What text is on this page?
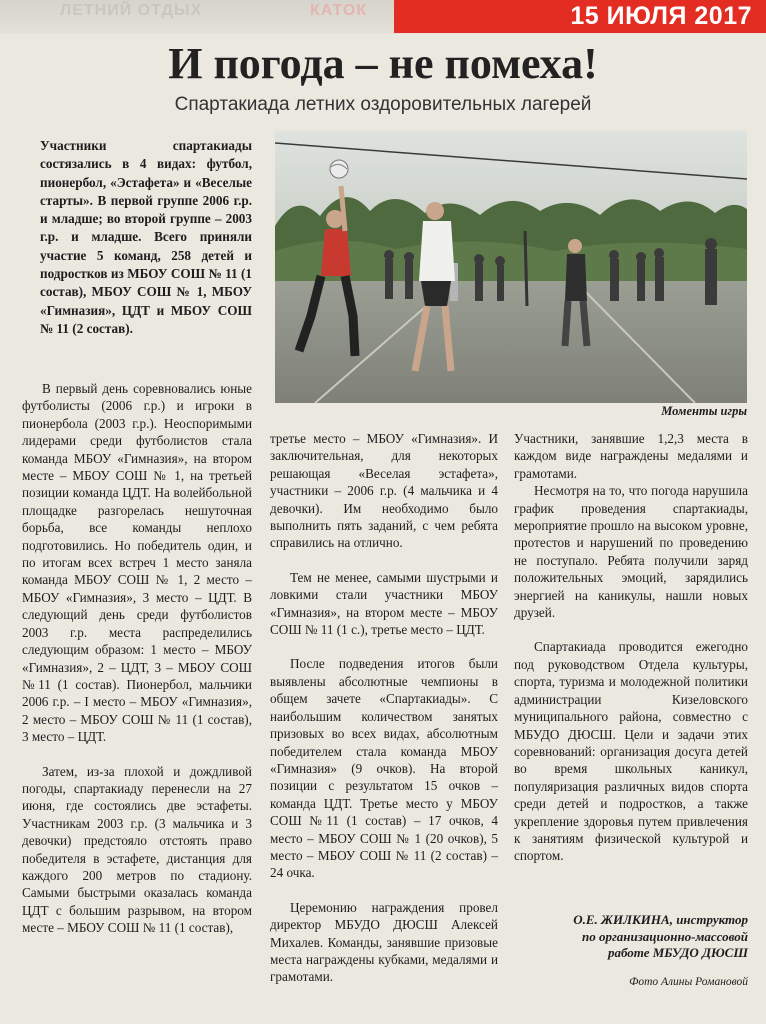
ЛЕТНИЙ ОТДЫХ	КАТОК	15 ИЮЛЯ 2017
И погода – не помеха!
Спартакиада летних оздоровительных лагерей
Участники спартакиады состязались в 4 видах: футбол, пионербол, «Эстафета» и «Веселые старты». В первой группе 2006 г.р. и младше; во второй группе – 2003 г.р. и младше. Всего приняли участие 5 команд, 258 детей и подростков из МБОУ СОШ № 11 (1 состав), МБОУ СОШ № 1, МБОУ «Гимназия», ЦДТ и МБОУ СОШ № 11 (2 состав).
Моменты игры

В первый день соревновались юные футболисты (2006 г.р.) и игроки в пионербола (2003 г.р.). Неоспоримыми лидерами среди футболистов стала команда МБОУ «Гимназия», на втором месте – МБОУ СОШ № 1, на третьей позиции команда ЦДТ. На волейбольной площадке разгорелась нешуточная борьба, все команды неплохо подготовились. Но победитель один, и по итогам всех встреч 1 место заняла команда МБОУ СОШ № 1, 2 место – МБОУ «Гимназия», 3 место – ЦДТ. В следующий день среди футболистов 2003 г.р. места распределились следующим образом: 1 место – МБОУ «Гимназия», 2 – ЦДТ, 3 – МБОУ СОШ №11 (1 состав). Пионербол, мальчики 2006 г.р. – I место – МБОУ «Гимназия», 2 место – МБОУ СОШ № 11 (1 состав), 3 место – ЦДТ.

Затем, из-за плохой и дождливой погоды, спартакиаду перенесли на 27 июня, где состоялись две эстафеты. Участникам 2003 г.р. (3 мальчика и 3 девочки) предстояло отстоять право победителя в эстафете, дистанция для каждого 200 метров по стадиону. Самыми быстрыми оказалась команда ЦДТ с большим разрывом, на втором месте – МБОУ СОШ № 11 (1 состав),

третье место – МБОУ «Гимназия». И заключительная, для некоторых решающая «Веселая эстафета», участники – 2006 г.р. (4 мальчика и 4 девочки). Им необходимо было выполнить пять заданий, с чем ребята справились на отлично.

Тем не менее, самыми шустрыми и ловкими стали участники МБОУ «Гимназия», на втором месте – МБОУ СОШ № 11 (1 с.), третье место – ЦДТ.

После подведения итогов были выявлены абсолютные чемпионы в общем зачете «Спартакиады». С наибольшим количеством занятых призовых во всех видах, абсолютным победителем стала команда МБОУ «Гимназия» (9 очков). На второй позиции с результатом 15 очков – команда ЦДТ. Третье место у МБОУ СОШ №11 (1 состав) – 17 очков, 4 место – МБОУ СОШ № 1 (20 очков), 5 место – МБОУ СОШ № 11 (2 состав) – 24 очка.

Церемонию награждения провел директор МБУДО ДЮСШ Алексей Михалев. Команды, занявшие призовые места награждены кубками, медалями и грамотами.

Участники, занявшие 1,2,3 места в каждом виде награждены медалями и грамотами.

Несмотря на то, что погода нарушила график проведения спартакиады, мероприятие прошло на высоком уровне, протестов и нарушений по проведению не поступало. Ребята получили заряд положительных эмоций, зарядились энергией на каникулы, нашли новых друзей.

Спартакиада проводится ежегодно под руководством Отдела культуры, спорта, туризма и молодежной политики администрации Кизеловского муниципального района, совместно с МБУДО ДЮСШ. Цели и задачи этих соревнований: организация досуга детей во время школьных каникул, популяризация различных видов спорта среди детей и подростков, а также укрепление здоровья путем привлечения к занятиям физической культурой и спортом.

О.Е. ЖИЛКИНА, инструктор
по организационно-массовой
работе МБУДО ДЮСШ
Фото Алины Романовой
